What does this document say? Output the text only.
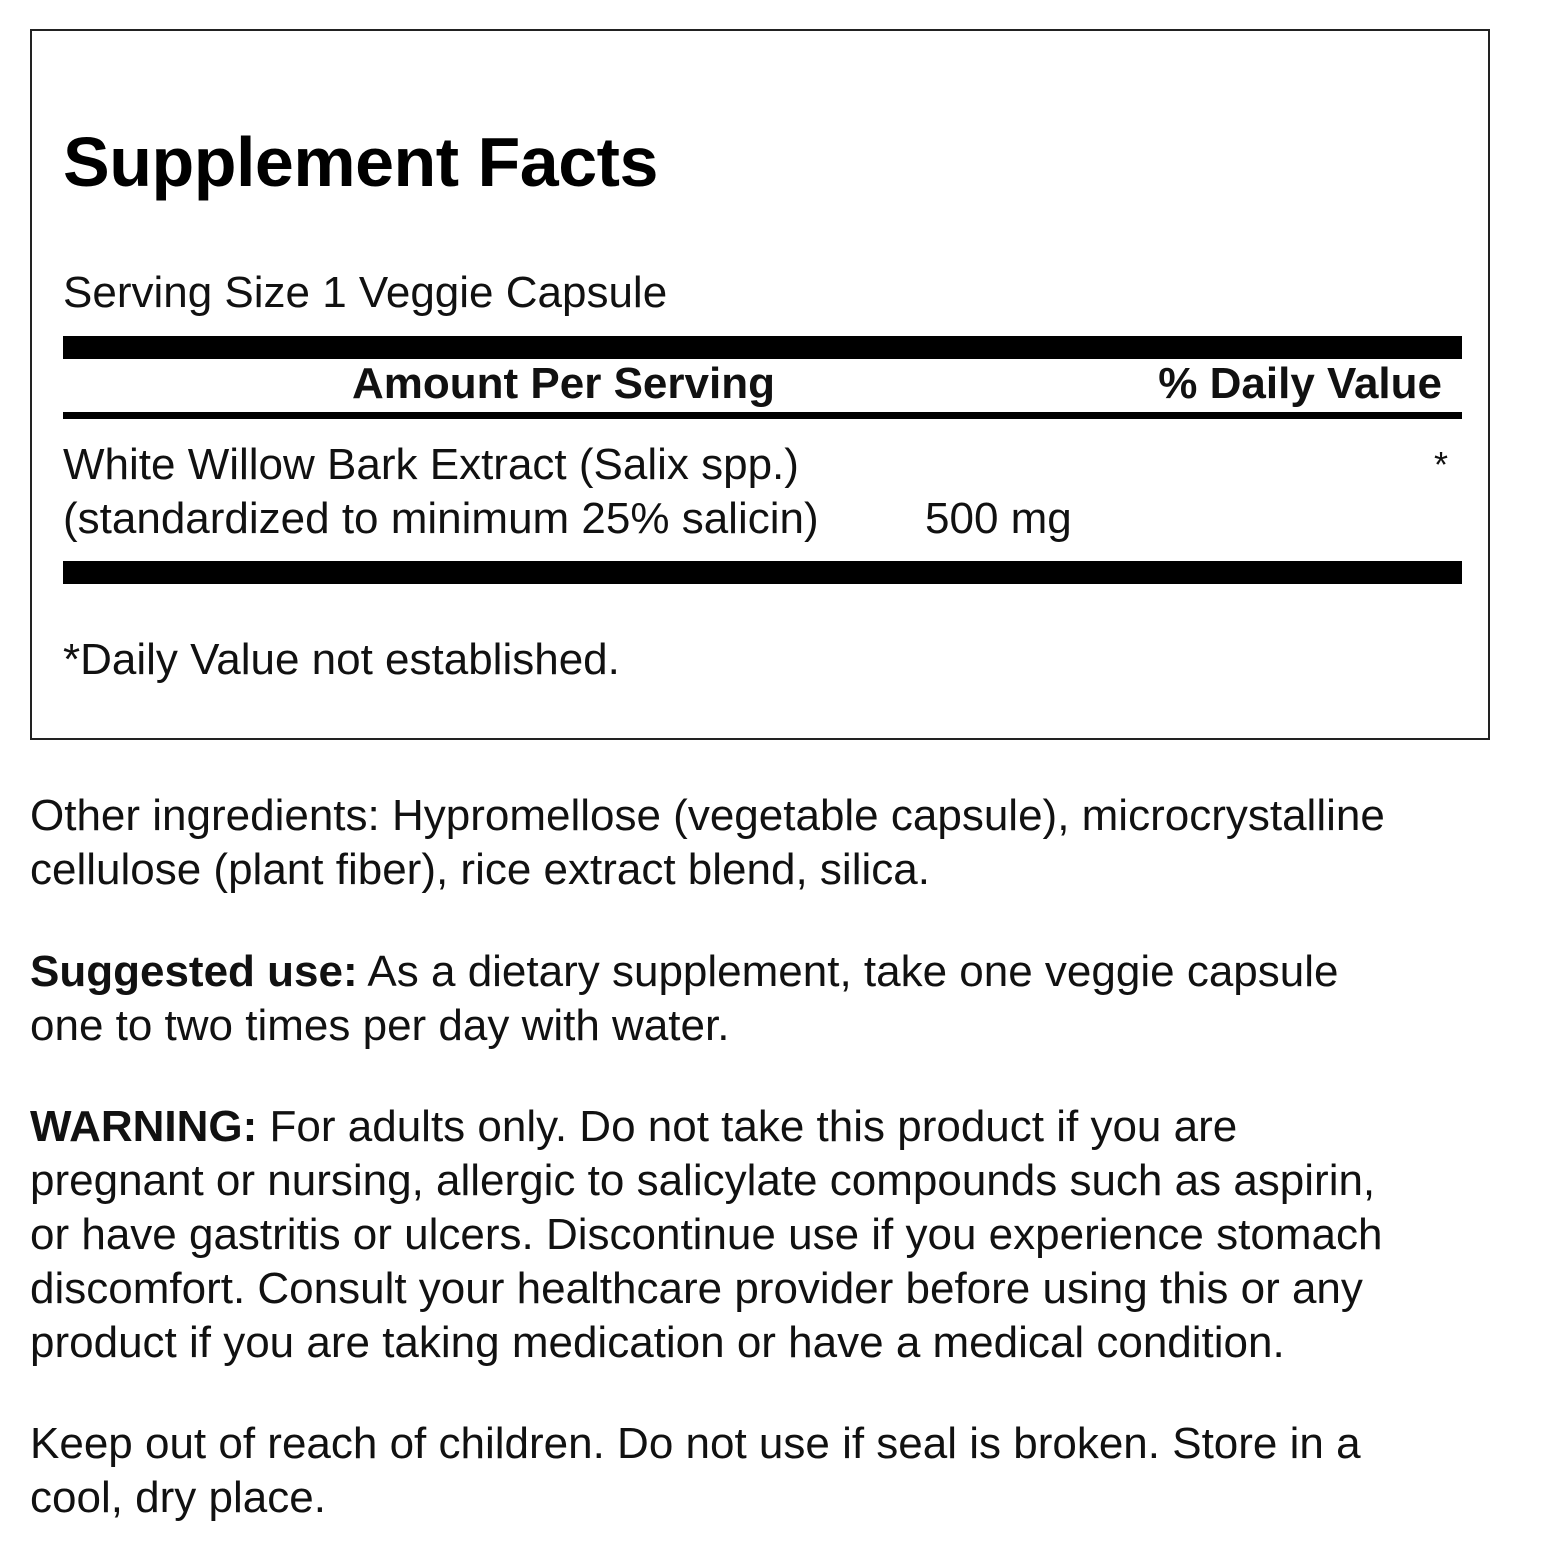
Supplement Facts
Serving Size 1 Veggie Capsule
Amount Per Serving	% Daily Value
White Willow Bark Extract (Salix spp.)
(standardized to minimum 25% salicin) 500 mg
*
*Daily Value not established.

Other ingredients: Hypromellose (vegetable capsule), microcrystalline
cellulose (plant fiber), rice extract blend, silica.

Suggested use: As a dietary supplement, take one veggie capsule
one to two times per day with water.

WARNING: For adults only. Do not take this product if you are
pregnant or nursing, allergic to salicylate compounds such as aspirin,
or have gastritis or ulcers. Discontinue use if you experience stomach
discomfort. Consult your healthcare provider before using this or any
product if you are taking medication or have a medical condition.

Keep out of reach of children. Do not use if seal is broken. Store in a
cool, dry place.
